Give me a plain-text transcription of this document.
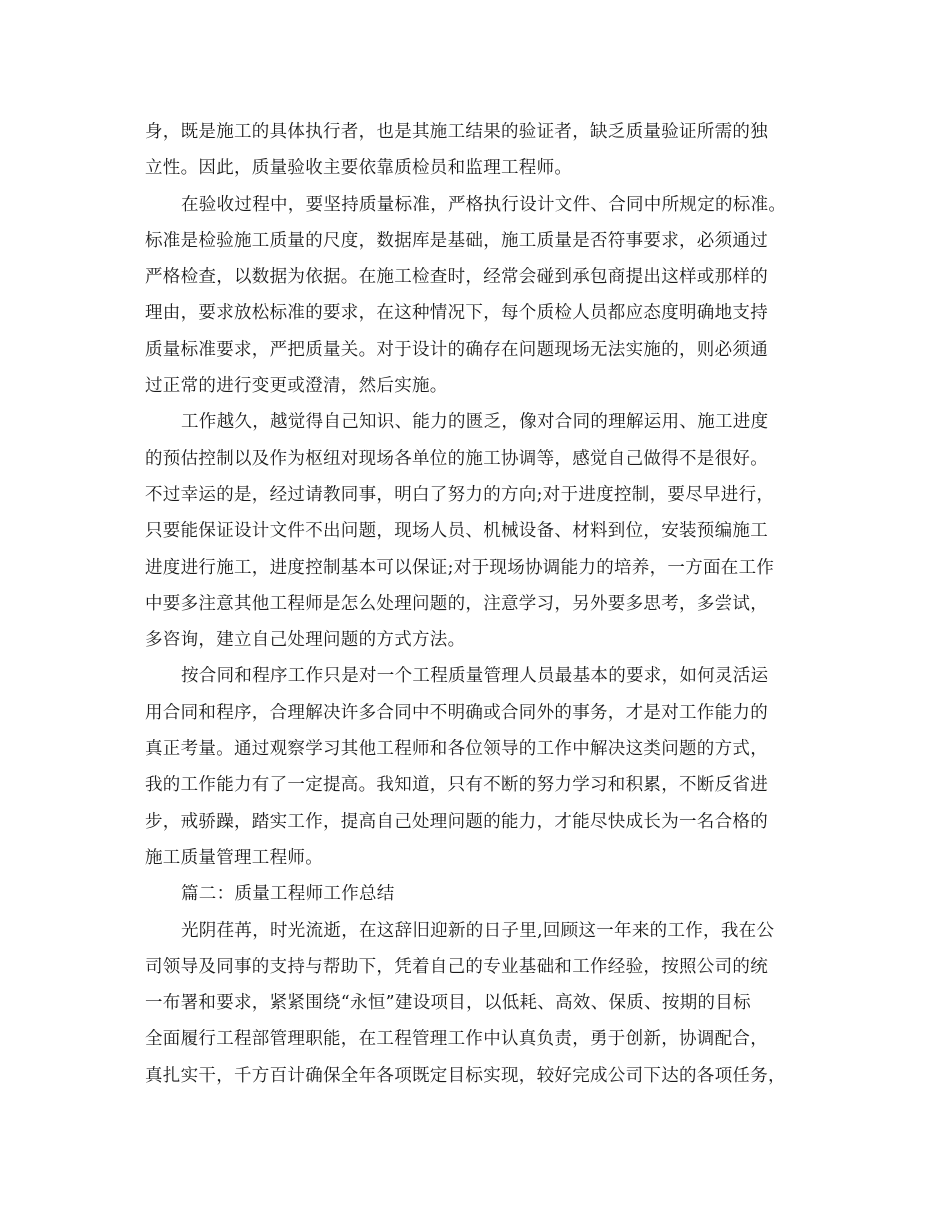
身，既是施工的具体执行者，也是其施工结果的验证者，缺乏质量验证所需的独
立性。因此，质量验收主要依靠质检员和监理工程师。
在验收过程中，要坚持质量标准，严格执行设计文件、合同中所规定的标准。
标准是检验施工质量的尺度，数据库是基础，施工质量是否符事要求，必须通过
严格检查，以数据为依据。在施工检查时，经常会碰到承包商提出这样或那样的
理由，要求放松标准的要求，在这种情况下，每个质检人员都应态度明确地支持
质量标准要求，严把质量关。对于设计的确存在问题现场无法实施的，则必须通
过正常的进行变更或澄清，然后实施。
工作越久，越觉得自己知识、能力的匮乏，像对合同的理解运用、施工进度
的预估控制以及作为枢纽对现场各单位的施工协调等，感觉自己做得不是很好。
不过幸运的是，经过请教同事，明白了努力的方向;对于进度控制，要尽早进行，
只要能保证设计文件不出问题，现场人员、机械设备、材料到位，安装预编施工
进度进行施工，进度控制基本可以保证;对于现场协调能力的培养，一方面在工作
中要多注意其他工程师是怎么处理问题的，注意学习，另外要多思考，多尝试，
多咨询，建立自己处理问题的方式方法。
按合同和程序工作只是对一个工程质量管理人员最基本的要求，如何灵活运
用合同和程序，合理解决许多合同中不明确或合同外的事务，才是对工作能力的
真正考量。通过观察学习其他工程师和各位领导的工作中解决这类问题的方式，
我的工作能力有了一定提高。我知道，只有不断的努力学习和积累，不断反省进
步，戒骄躁，踏实工作，提高自己处理问题的能力，才能尽快成长为一名合格的
施工质量管理工程师。
篇二：质量工程师工作总结
光阴荏苒，时光流逝，在这辞旧迎新的日子里,回顾这一年来的工作，我在公
司领导及同事的支持与帮助下，凭着自己的专业基础和工作经验，按照公司的统
一布署和要求，紧紧围绕“永恒”建设项目，以低耗、高效、保质、按期的目标
全面履行工程部管理职能，在工程管理工作中认真负责，勇于创新，协调配合，
真扎实干，千方百计确保全年各项既定目标实现，较好完成公司下达的各项任务，
